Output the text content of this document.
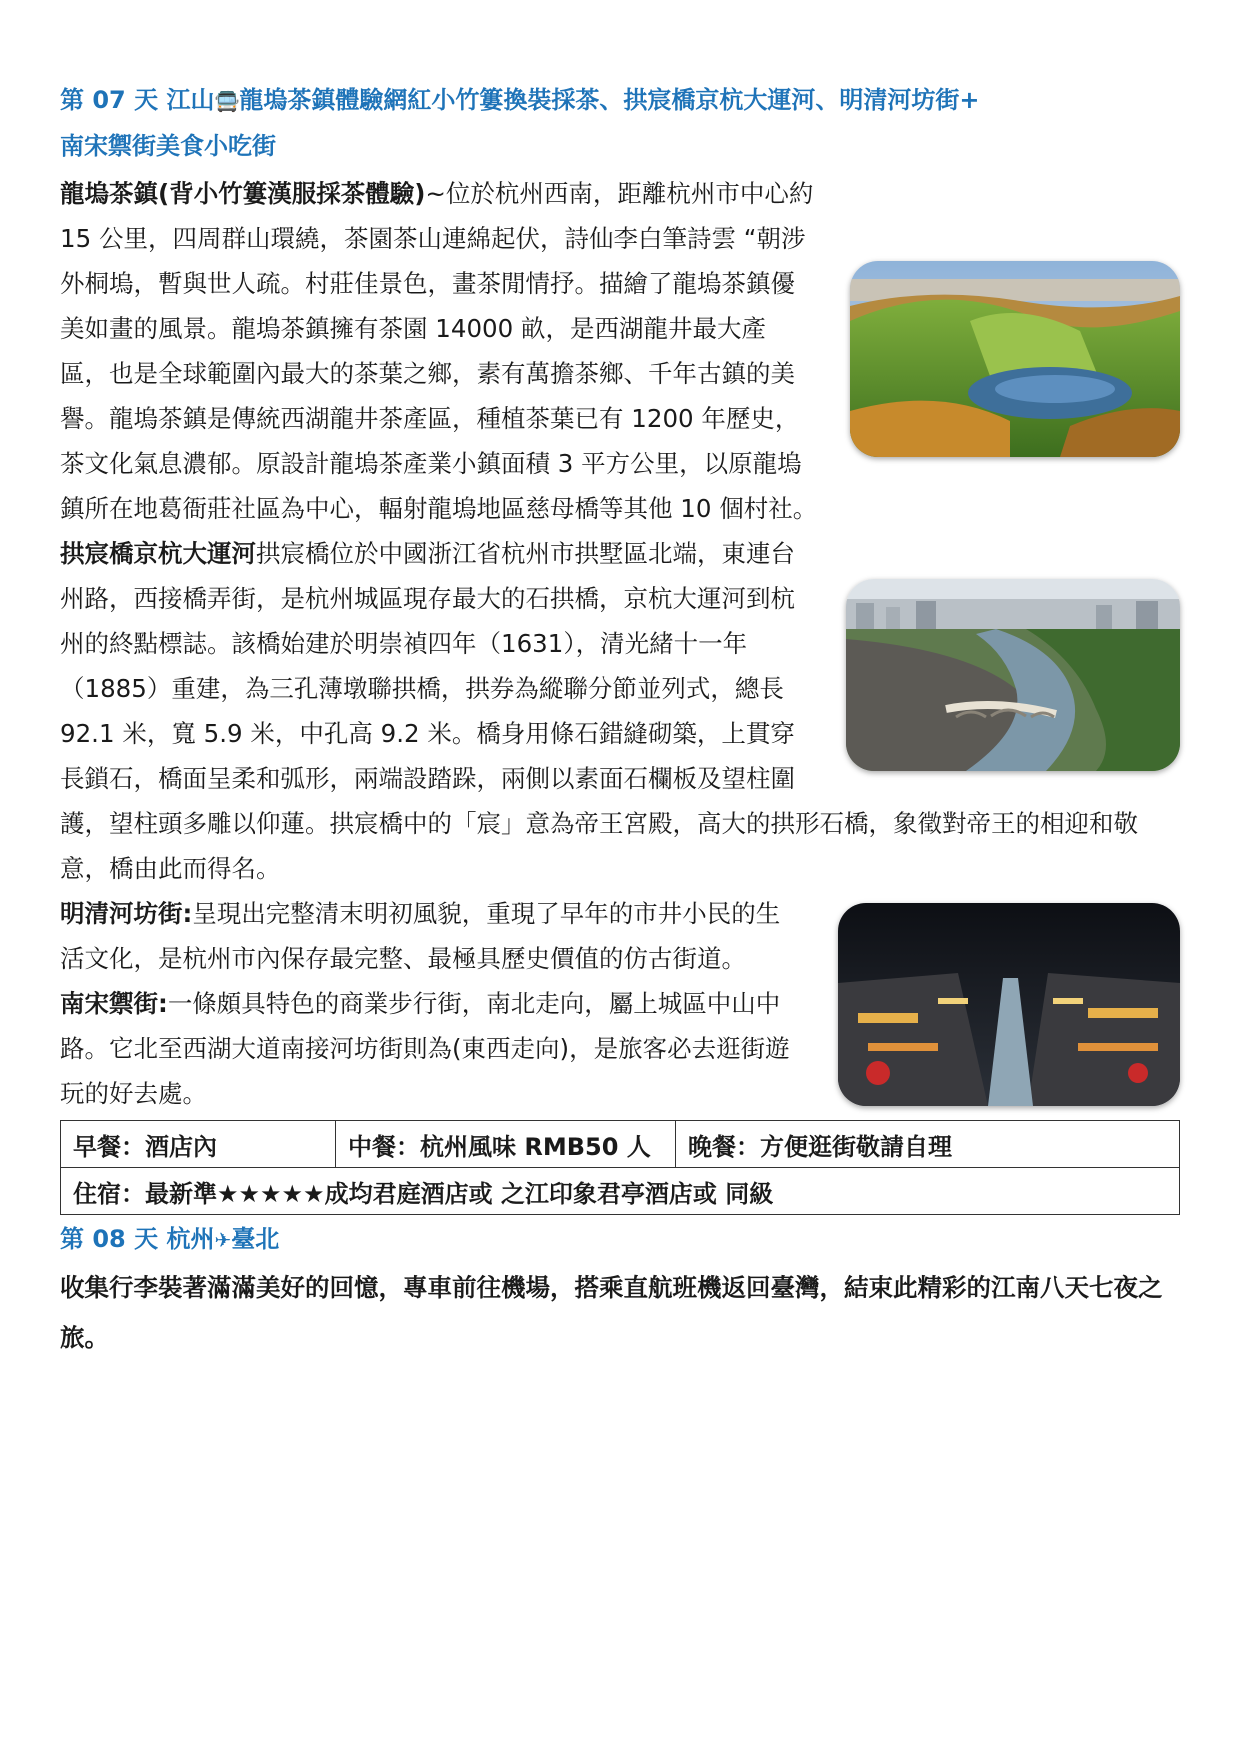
第 07 天 江山🚍龍塢茶鎮體驗網紅小竹簍換裝採茶、拱宸橋京杭大運河、明清河坊街+
南宋禦街美食小吃街

龍塢茶鎮(背小竹簍漢服採茶體驗)~位於杭州西南，距離杭州市中心約 15 公里，四周群山環繞，茶園茶山連綿起伏，詩仙李白筆詩雲 “朝涉外桐塢，暫與世人疏。村莊佳景色，畫茶閒情抒。描繪了龍塢茶鎮優美如畫的風景。龍塢茶鎮擁有茶園 14000 畝，是西湖龍井最大產區，也是全球範圍內最大的茶葉之鄉，素有萬擔茶鄉、千年古鎮的美譽。龍塢茶鎮是傳統西湖龍井茶產區，種植茶葉已有 1200 年歷史，茶文化氣息濃郁。原設計龍塢茶產業小鎮面積 3 平方公里，以原龍塢鎮所在地葛衙莊社區為中心，輻射龍塢地區慈母橋等其他 10 個村社。

拱宸橋京杭大運河拱宸橋位於中國浙江省杭州市拱墅區北端，東連台州路，西接橋弄街，是杭州城區現存最大的石拱橋，京杭大運河到杭州的終點標誌。該橋始建於明崇禎四年（1631），清光緒十一年（1885）重建，為三孔薄墩聯拱橋，拱券為縱聯分節並列式，總長 92.1 米，寬 5.9 米，中孔高 9.2 米。橋身用條石錯縫砌築，上貫穿長鎖石，橋面呈柔和弧形，兩端設踏跺，兩側以素面石欄板及望柱圍護，望柱頭多雕以仰蓮。拱宸橋中的「宸」意為帝王宮殿，高大的拱形石橋，象徵對帝王的相迎和敬意，橋由此而得名。

明清河坊街:呈現出完整清末明初風貌，重現了早年的市井小民的生活文化，是杭州市內保存最完整、最極具歷史價值的仿古街道。

南宋禦街:一條頗具特色的商業步行街，南北走向，屬上城區中山中路。它北至西湖大道南接河坊街則為(東西走向)，是旅客必去逛街遊玩的好去處。

早餐：酒店內	中餐：杭州風味 RMB50 人	晚餐：方便逛街敬請自理
住宿：最新準★★★★★成均君庭酒店或 之江印象君亭酒店或 同級

第 08 天 杭州✈臺北

收集行李裝著滿滿美好的回憶，專車前往機場，搭乘直航班機返回臺灣，結束此精彩的江南八天七夜之旅。
